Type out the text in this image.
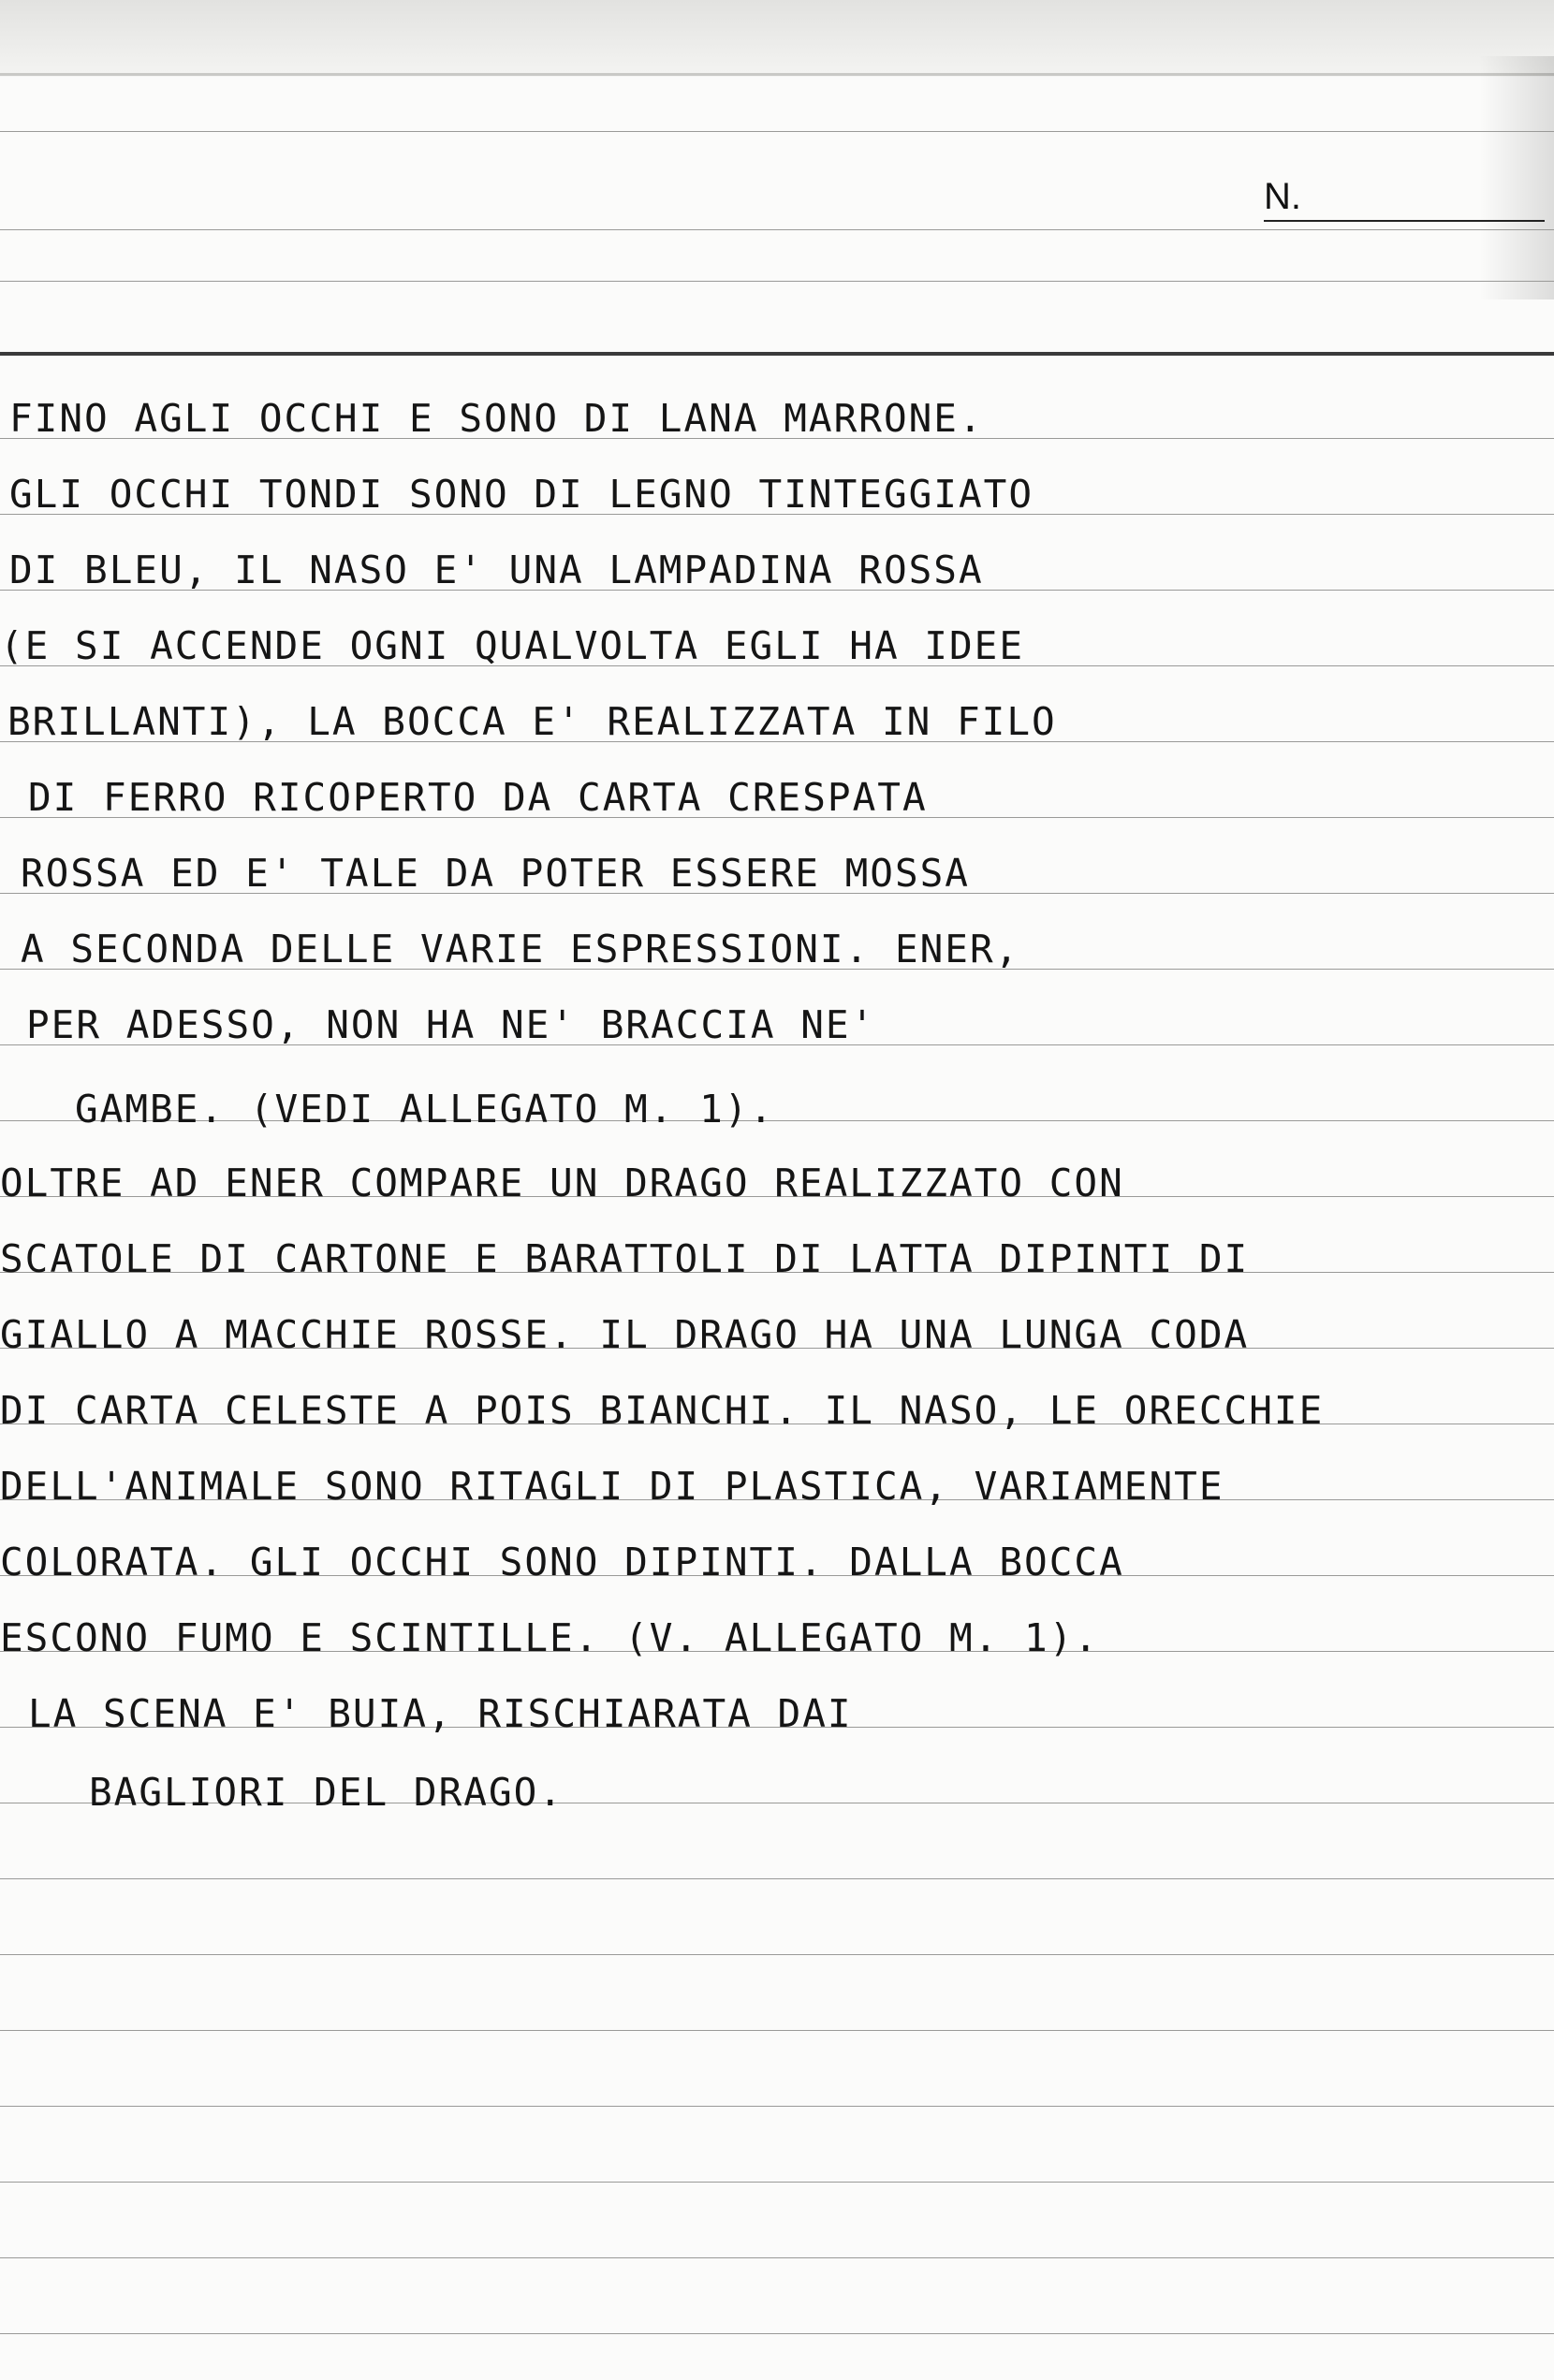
N.
FINO AGLI OCCHI E SONO DI LANA MARRONE.
GLI OCCHI TONDI SONO DI LEGNO TINTEGGIATO
DI BLEU, IL NASO E' UNA LAMPADINA ROSSA
(E SI ACCENDE OGNI QUALVOLTA EGLI HA IDEE
BRILLANTI), LA BOCCA E' REALIZZATA IN FILO
DI FERRO RICOPERTO DA CARTA CRESPATA
ROSSA ED E' TALE DA POTER ESSERE MOSSA
A SECONDA DELLE VARIE ESPRESSIONI. ENER,
PER ADESSO, NON HA NE' BRACCIA NE'
GAMBE. (VEDI ALLEGATO M. 1).
OLTRE AD ENER COMPARE UN DRAGO REALIZZATO CON
SCATOLE DI CARTONE E BARATTOLI DI LATTA DIPINTI DI
GIALLO A MACCHIE ROSSE. IL DRAGO HA UNA LUNGA CODA
DI CARTA CELESTE A POIS BIANCHI. IL NASO, LE ORECCHIE
DELL'ANIMALE SONO RITAGLI DI PLASTICA, VARIAMENTE
COLORATA. GLI OCCHI SONO DIPINTI. DALLA BOCCA
ESCONO FUMO E SCINTILLE. (V. ALLEGATO M. 1).
LA SCENA E' BUIA, RISCHIARATA DAI
BAGLIORI DEL DRAGO.
